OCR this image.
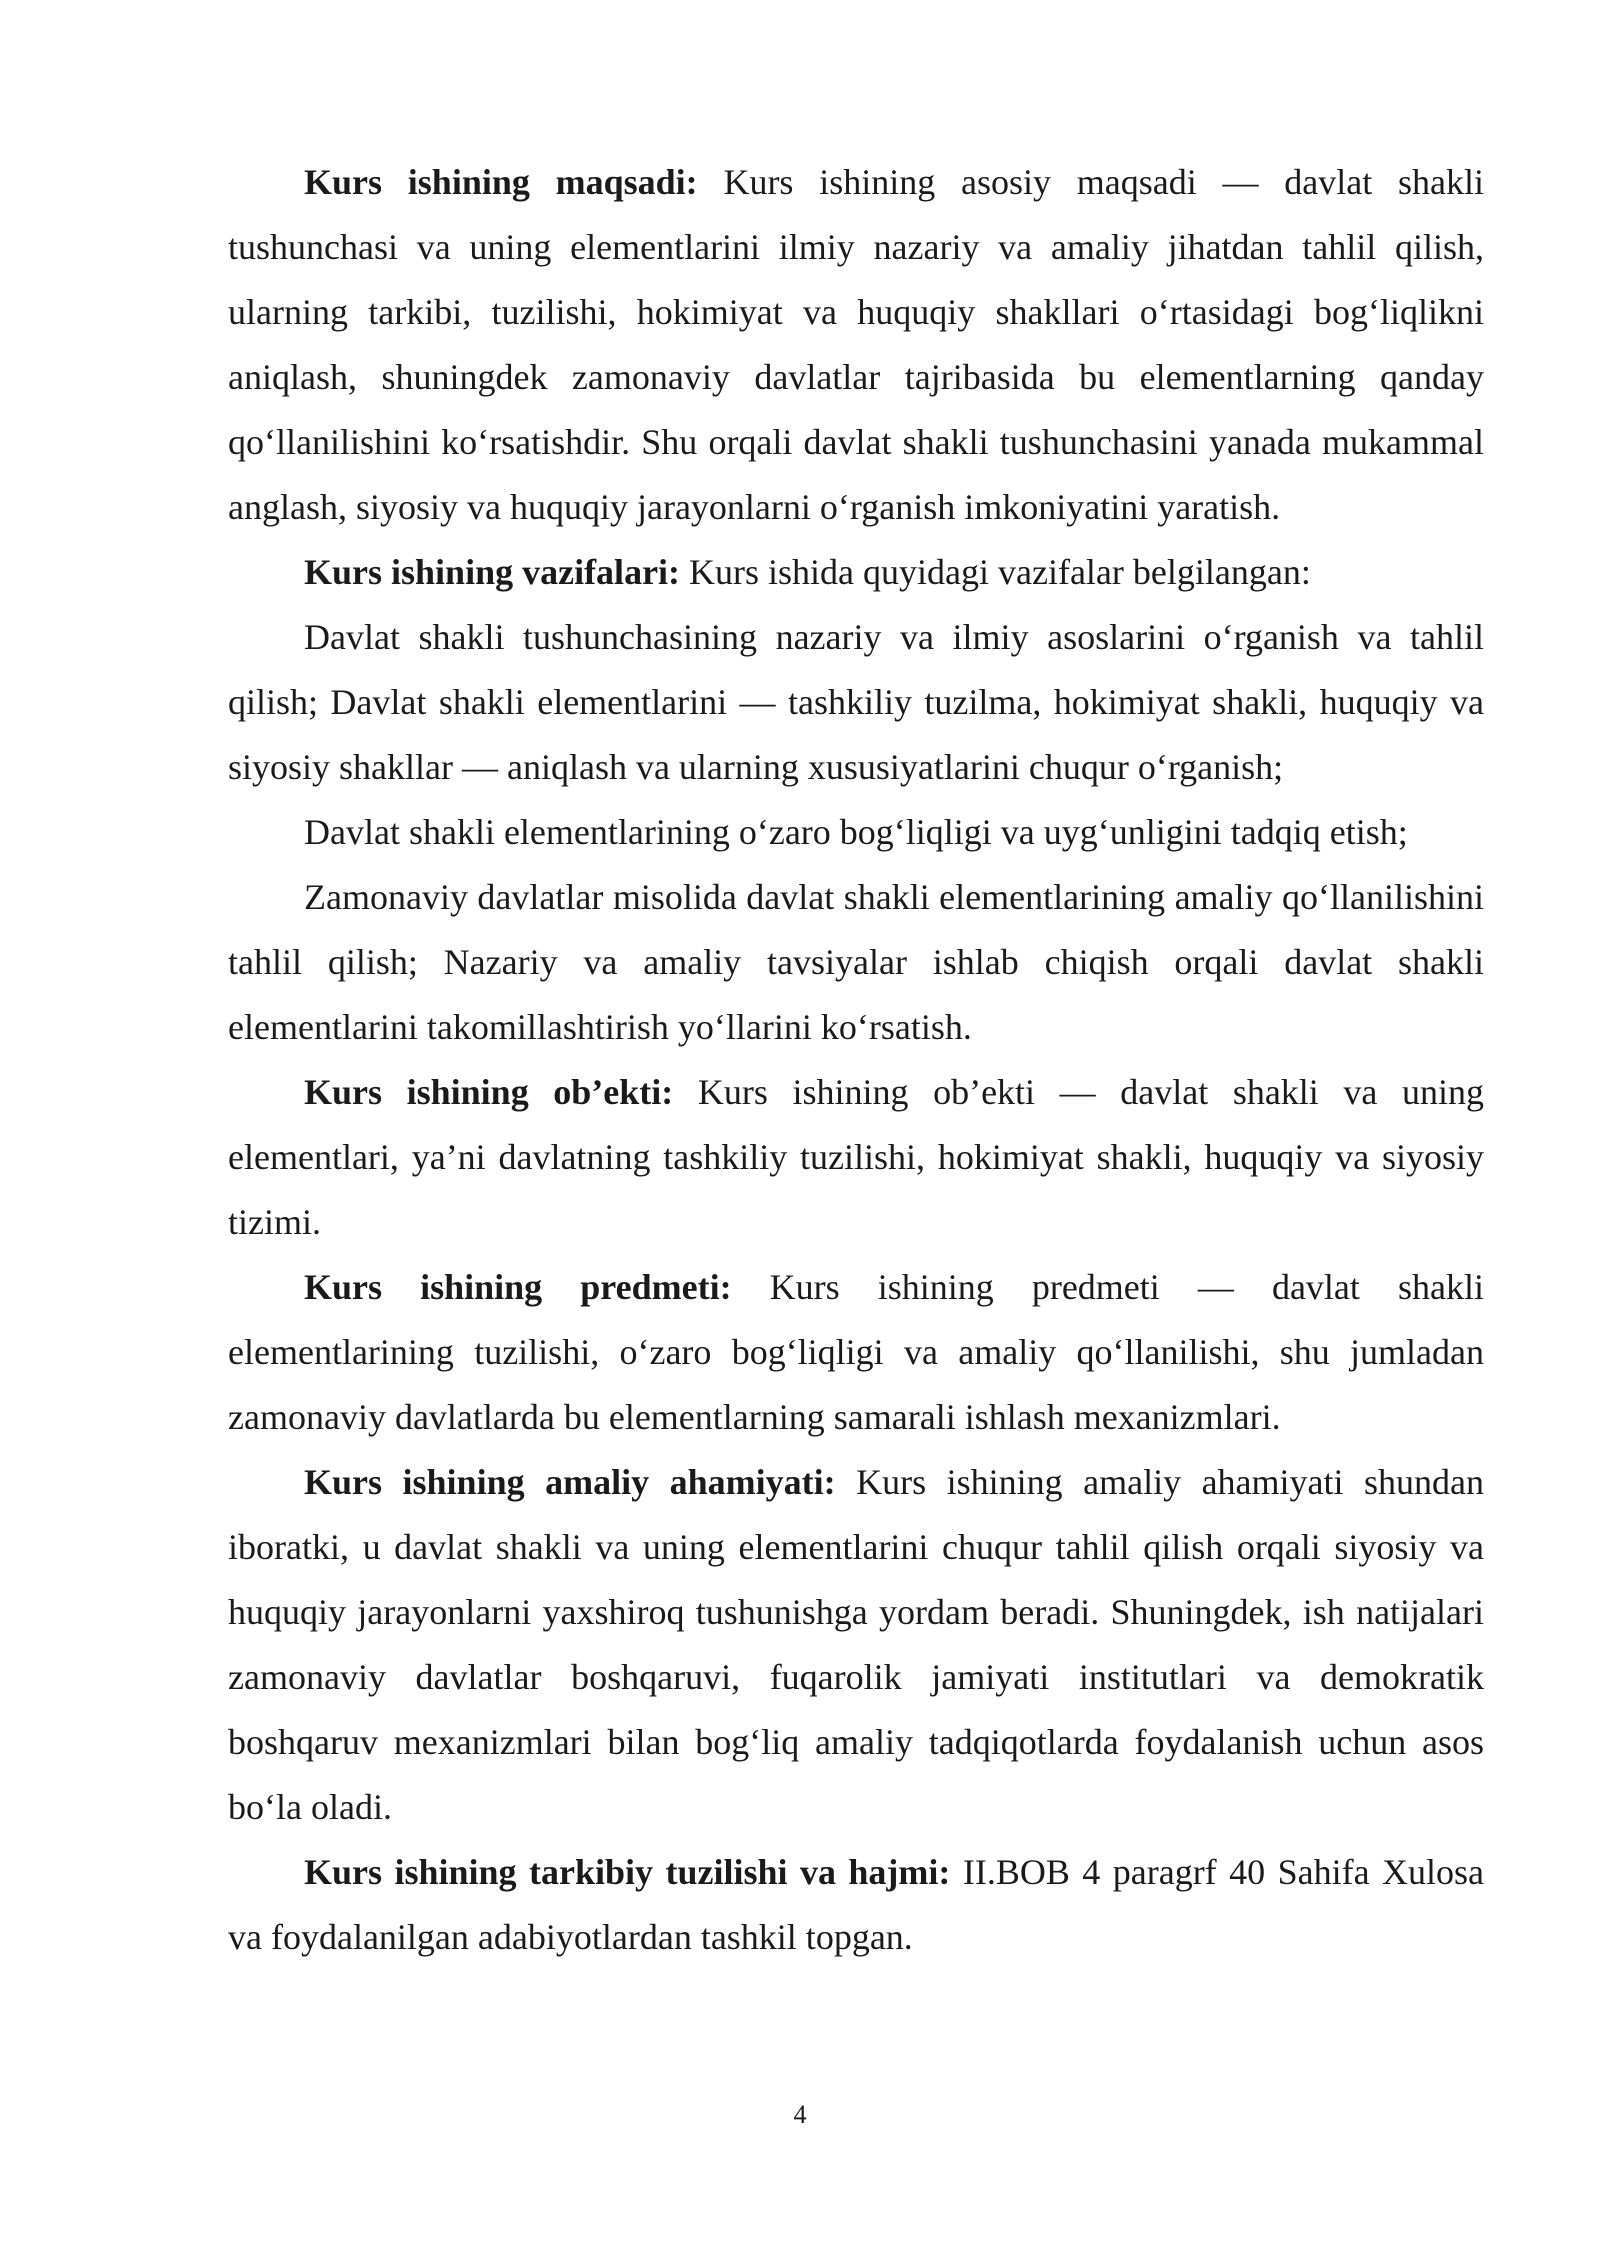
Kurs ishining maqsadi: Kurs ishining asosiy maqsadi — davlat shakli tushunchasi va uning elementlarini ilmiy nazariy va amaliy jihatdan tahlil qilish, ularning tarkibi, tuzilishi, hokimiyat va huquqiy shakllari o‘rtasidagi bog‘liqlikni aniqlash, shuningdek zamonaviy davlatlar tajribasida bu elementlarning qanday qo‘llanilishini ko‘rsatishdir. Shu orqali davlat shakli tushunchasini yanada mukammal anglash, siyosiy va huquqiy jarayonlarni o‘rganish imkoniyatini yaratish.

Kurs ishining vazifalari: Kurs ishida quyidagi vazifalar belgilangan:

Davlat shakli tushunchasining nazariy va ilmiy asoslarini o‘rganish va tahlil qilish; Davlat shakli elementlarini — tashkiliy tuzilma, hokimiyat shakli, huquqiy va siyosiy shakllar — aniqlash va ularning xususiyatlarini chuqur o‘rganish;

Davlat shakli elementlarining o‘zaro bog‘liqligi va uyg‘unligini tadqiq etish;

Zamonaviy davlatlar misolida davlat shakli elementlarining amaliy qo‘llanilishini tahlil qilish; Nazariy va amaliy tavsiyalar ishlab chiqish orqali davlat shakli elementlarini takomillashtirish yo‘llarini ko‘rsatish.

Kurs ishining ob’ekti: Kurs ishining ob’ekti — davlat shakli va uning elementlari, ya’ni davlatning tashkiliy tuzilishi, hokimiyat shakli, huquqiy va siyosiy tizimi.

Kurs ishining predmeti: Kurs ishining predmeti — davlat shakli elementlarining tuzilishi, o‘zaro bog‘liqligi va amaliy qo‘llanilishi, shu jumladan zamonaviy davlatlarda bu elementlarning samarali ishlash mexanizmlari.

Kurs ishining amaliy ahamiyati: Kurs ishining amaliy ahamiyati shundan iboratki, u davlat shakli va uning elementlarini chuqur tahlil qilish orqali siyosiy va huquqiy jarayonlarni yaxshiroq tushunishga yordam beradi. Shuningdek, ish natijalari zamonaviy davlatlar boshqaruvi, fuqarolik jamiyati institutlari va demokratik boshqaruv mexanizmlari bilan bog‘liq amaliy tadqiqotlarda foydalanish uchun asos bo‘la oladi.

Kurs ishining tarkibiy tuzilishi va hajmi: II.BOB 4 paragrf 40 Sahifa Xulosa va foydalanilgan adabiyotlardan tashkil topgan.

4
